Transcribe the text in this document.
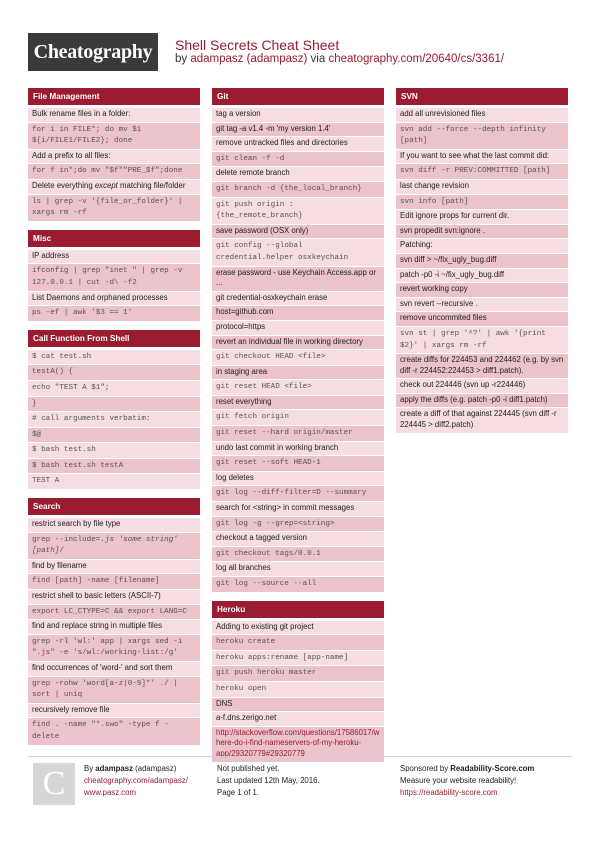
Cheatography	Shell Secrets Cheat Sheet
by adampasz (adampasz) via cheatography.com/20640/cs/3361/
File Management
Bulk rename files in a folder:
for i in FILE*; do mv $i ${i/FILE1/FILE2}; done
Add a prefix to all files:
for f in*;do mv "$f""PRE_$f";done
Delete everything except matching file/folder
ls | grep -v '{file_or_folder}' | xargs rm -rf
Misc
IP address
ifconfig | grep "inet " | grep -v 127.0.0.1 | cut -d\ -f2
List Daemons and orphaned processes
ps -ef | awk '$3 == 1'
Call Function From Shell
$ cat test.sh
testA() {
echo "TEST A $1";
}
# call arguments verbatim:
$@
$ bash test.sh
$ bash test.sh testA
TEST A
Search
restrict search by file type
grep --include=.js 'some string' [path]/
find by filename
find [path] -name [filename]
restrict shell to basic letters (ASCII-7)
export LC_CTYPE=C && export LANG=C
find and replace string in multiple files
grep -rl 'wl:' app | xargs sed -i ".js" -e 's/wl:/working-list:/g'
find occurrences of 'word-' and sort them
grep -rohw 'word[a-z|0-9]*' ./ | sort | uniq
recursively remove file
find . -name "*.swo" -type f -delete
Git
tag a version
git tag -a v1.4 -m 'my version 1.4'
remove untracked files and directories
git clean -f -d
delete remote branch
git branch -d {the_local_branch}
git push origin :{the_remote_branch}
save password (OSX only)
git config --global credential.helper osxkeychain
erase password - use Keychain Access.app or ...
git credential-osxkeychain erase
host=github.com
protocol=https
revert an individual file in working directory
git checkout HEAD <file>
in staging area
git reset HEAD <file>
reset everything
git fetch origin
git reset --hard origin/master
undo last commit in working branch
git reset --soft HEAD-1
log deletes
git log --diff-filter=D --summary
search for <string> in commit messages
git log -g --grep=<string>
checkout a tagged version
git checkout tags/0.0.1
log all branches
git log --source --all
Heroku
Adding to existing git project
heroku create
heroku apps:rename [app-name]
git push heroku master
heroku open
DNS
a-f.dns.zerigo.net
http://stackoverflow.com/questions/17586017/where-do-i-find-nameservers-of-my-heroku-app/29320779#29320779
SVN
add all unrevisioned files
svn add --force --depth infinity [path]
If you want to see what the last commit did:
svn diff -r PREV:COMMITTED [path]
last change revision
svn info [path]
Edit ignore props for current dir.
svn propedit svn:ignore .
Patching:
svn diff > ~/fix_ugly_bug.diff
patch -p0 -i ~/fix_ugly_bug.diff
revert working copy
svn revert --recursive .
remove uncommited files
svn st | grep '^?' | awk '{print $2}' | xargs rm -rf
create diffs for 224453 and 224462 (e.g. by svn diff -r 224452:224453 > diff1.patch).
check out 224446 (svn up -r224446)
apply the diffs (e.g. patch -p0 -i diff1.patch)
create a diff of that against 224445 (svn diff -r 224445 > diff2.patch)
C	By adampasz (adampasz)
cheatography.com/adampasz/
www.pasz.com
Not published yet.
Last updated 12th May, 2016.
Page 1 of 1.
Sponsored by Readability-Score.com
Measure your website readability!
https://readability-score.com
